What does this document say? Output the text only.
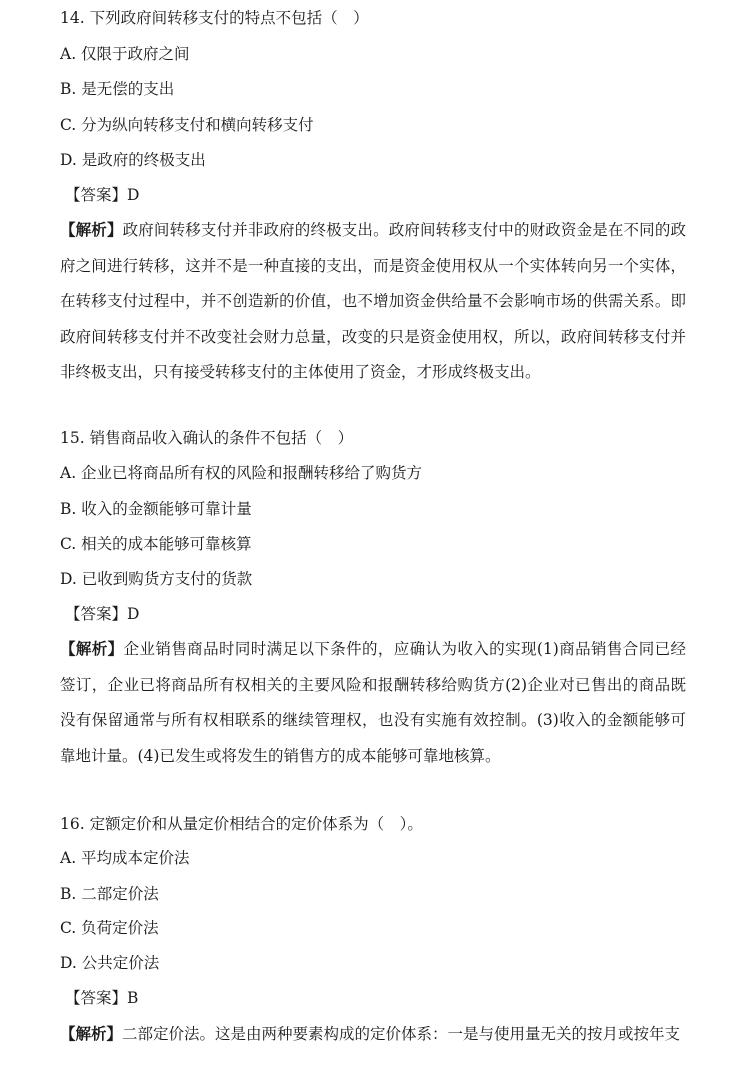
14. 下列政府间转移支付的特点不包括（　）
A. 仅限于政府之间
B. 是无偿的支出
C. 分为纵向转移支付和横向转移支付
D. 是政府的终极支出
【答案】D
【解析】政府间转移支付并非政府的终极支出。政府间转移支付中的财政资金是在不同的政府之间进行转移，这并不是一种直接的支出，而是资金使用权从一个实体转向另一个实体，在转移支付过程中，并不创造新的价值，也不增加资金供给量不会影响市场的供需关系。即政府间转移支付并不改变社会财力总量，改变的只是资金使用权，所以，政府间转移支付并非终极支出，只有接受转移支付的主体使用了资金，才形成终极支出。
15. 销售商品收入确认的条件不包括（　）
A. 企业已将商品所有权的风险和报酬转移给了购货方
B. 收入的金额能够可靠计量
C. 相关的成本能够可靠核算
D. 已收到购货方支付的货款
【答案】D
【解析】企业销售商品时同时满足以下条件的，应确认为收入的实现(1)商品销售合同已经签订，企业已将商品所有权相关的主要风险和报酬转移给购货方(2)企业对已售出的商品既没有保留通常与所有权相联系的继续管理权，也没有实施有效控制。(3)收入的金额能够可靠地计量。(4)已发生或将发生的销售方的成本能够可靠地核算。
16. 定额定价和从量定价相结合的定价体系为（　）。
A. 平均成本定价法
B. 二部定价法
C. 负荷定价法
D. 公共定价法
【答案】B
【解析】二部定价法。这是由两种要素构成的定价体系：一是与使用量无关的按月或按年支
